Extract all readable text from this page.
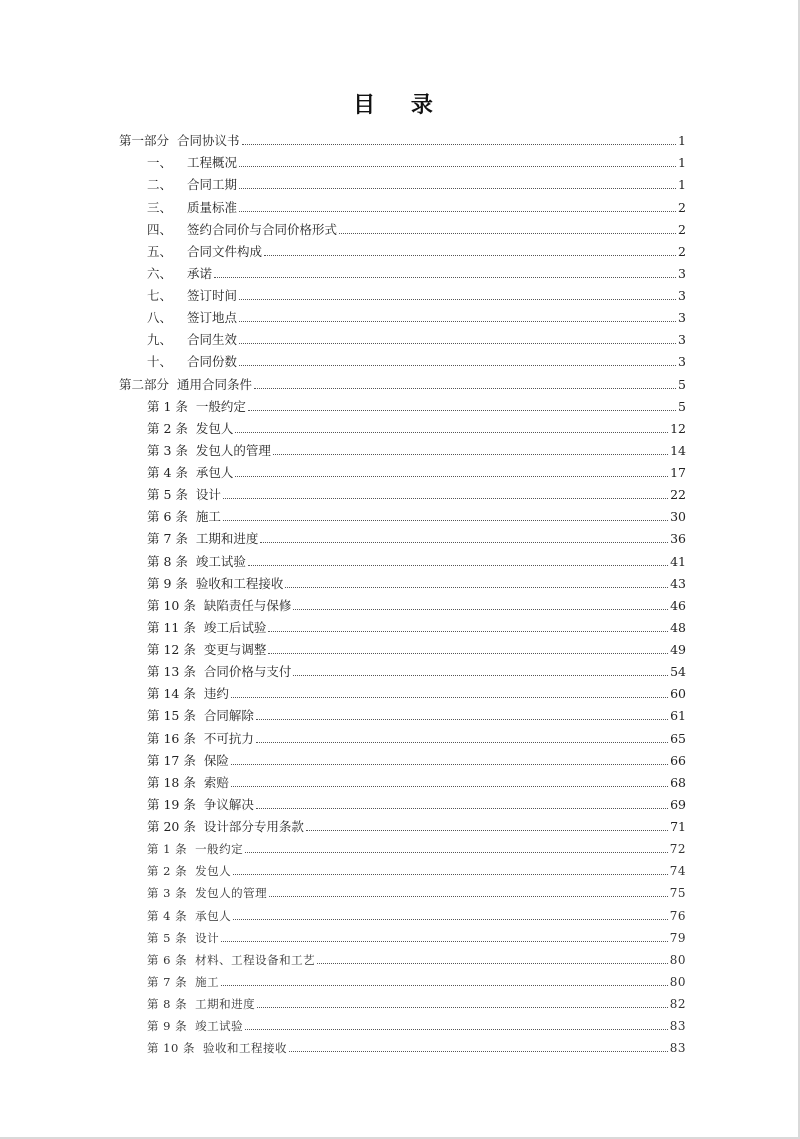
目 录
第一部分 合同协议书	1
一、	工程概况	1
二、	合同工期	1
三、	质量标准	2
四、	签约合同价与合同价格形式	2
五、	合同文件构成	2
六、	承诺	3
七、	签订时间	3
八、	签订地点	3
九、	合同生效	3
十、	合同份数	3
第二部分 通用合同条件	5
第 1 条 一般约定	5
第 2 条 发包人	12
第 3 条 发包人的管理	14
第 4 条 承包人	17
第 5 条 设计	22
第 6 条 施工	30
第 7 条 工期和进度	36
第 8 条 竣工试验	41
第 9 条 验收和工程接收	43
第 10 条 缺陷责任与保修	46
第 11 条 竣工后试验	48
第 12 条 变更与调整	49
第 13 条 合同价格与支付	54
第 14 条 违约	60
第 15 条 合同解除	61
第 16 条 不可抗力	65
第 17 条 保险	66
第 18 条 索赔	68
第 19 条 争议解决	69
第 20 条 设计部分专用条款	71
第 1 条 一般约定	72
第 2 条 发包人	74
第 3 条 发包人的管理	75
第 4 条 承包人	76
第 5 条 设计	79
第 6 条 材料、工程设备和工艺	80
第 7 条 施工	80
第 8 条 工期和进度	82
第 9 条 竣工试验	83
第 10 条 验收和工程接收	83
